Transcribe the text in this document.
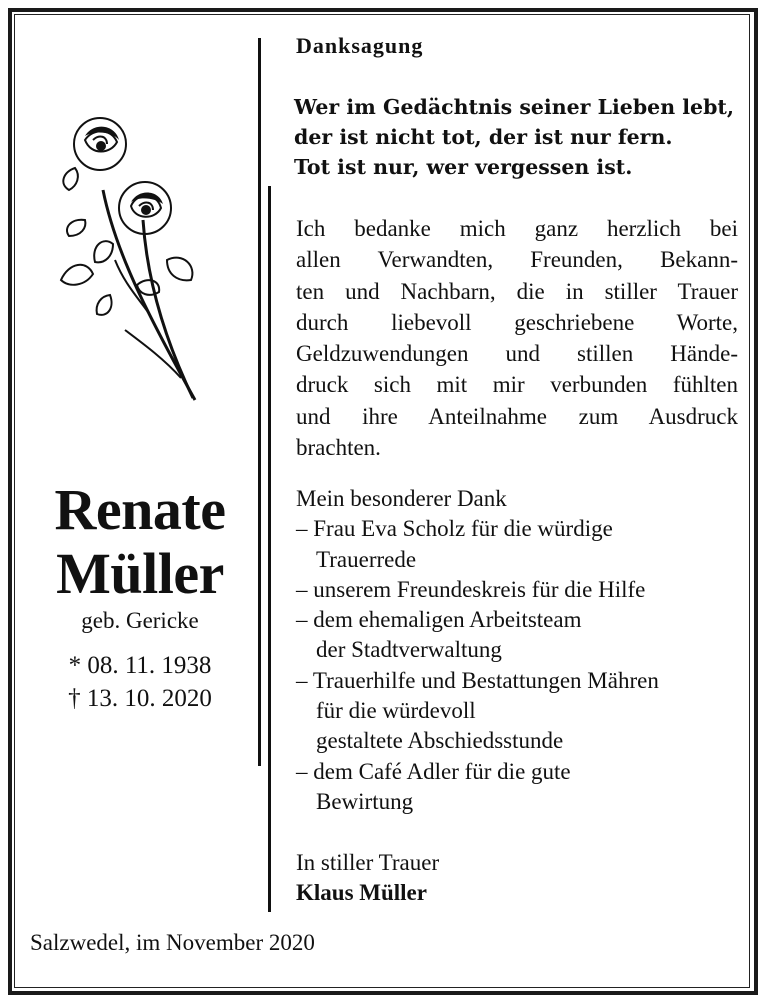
Renate
Müller
geb. Gericke
* 08. 11. 1938
† 13. 10. 2020
Danksagung
Wer im Gedächtnis seiner Lieben lebt,
der ist nicht tot, der ist nur fern.
Tot ist nur, wer vergessen ist.
Ich bedanke mich ganz herzlich bei
allen Verwandten, Freunden, Bekann-
ten und Nachbarn, die in stiller Trauer
durch liebevoll geschriebene Worte,
Geldzuwendungen und stillen Hände-
druck sich mit mir verbunden fühlten
und ihre Anteilnahme zum Ausdruck
brachten.
Mein besonderer Dank
– Frau Eva Scholz für die würdige
Trauerrede
– unserem Freundeskreis für die Hilfe
– dem ehemaligen Arbeitsteam
der Stadtverwaltung
– Trauerhilfe und Bestattungen Mähren
für die würdevoll
gestaltete Abschiedsstunde
– dem Café Adler für die gute
Bewirtung
In stiller Trauer
Klaus Müller
Salzwedel, im November 2020
